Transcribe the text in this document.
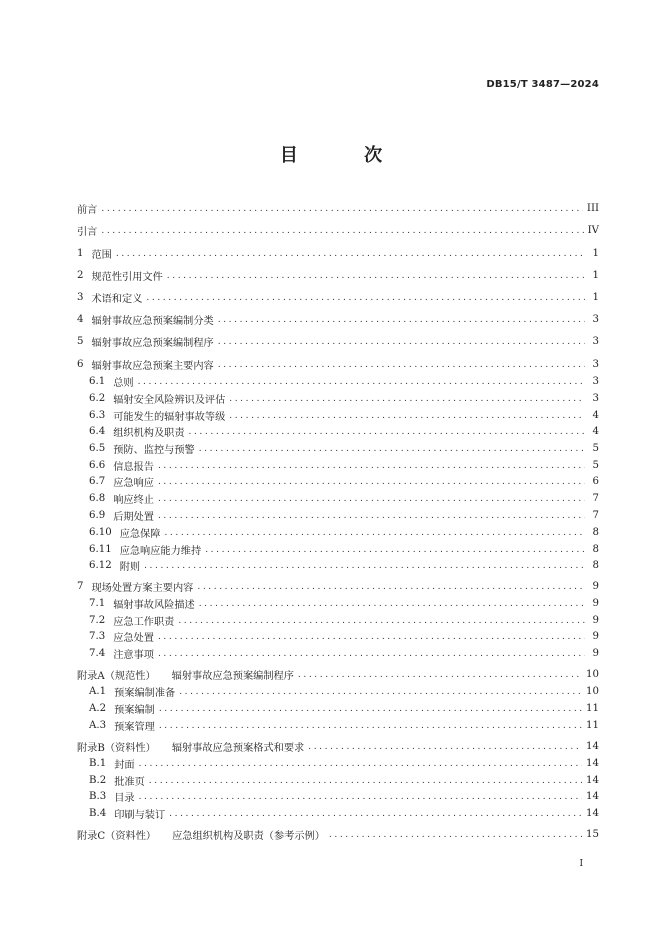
DB15/T 3487—2024
目 次
前言 .....	III
引言 .....	IV
1 范围 .....	1
2 规范性引用文件 .....	1
3 术语和定义 .....	1
4 辐射事故应急预案编制分类 .....	3
5 辐射事故应急预案编制程序 .....	3
6 辐射事故应急预案主要内容 .....	3
6.1 总则 .....	3
6.2 辐射安全风险辨识及评估 .....	3
6.3 可能发生的辐射事故等级 .....	4
6.4 组织机构及职责 .....	4
6.5 预防、监控与预警 .....	5
6.6 信息报告 .....	5
6.7 应急响应 .....	6
6.8 响应终止 .....	7
6.9 后期处置 .....	7
6.10 应急保障 .....	8
6.11 应急响应能力维持 .....	8
6.12 附则 .....	8
7 现场处置方案主要内容 .....	9
7.1 辐射事故风险描述 .....	9
7.2 应急工作职责 .....	9
7.3 应急处置 .....	9
7.4 注意事项 .....	9
附录A（规范性） 辐射事故应急预案编制程序 .....	10
A.1 预案编制准备 .....	10
A.2 预案编制 .....	11
A.3 预案管理 .....	11
附录B（资料性） 辐射事故应急预案格式和要求 .....	14
B.1 封面 .....	14
B.2 批准页 .....	14
B.3 目录 .....	14
B.4 印刷与装订 .....	14
附录C（资料性） 应急组织机构及职责（参考示例） .....	15
I
